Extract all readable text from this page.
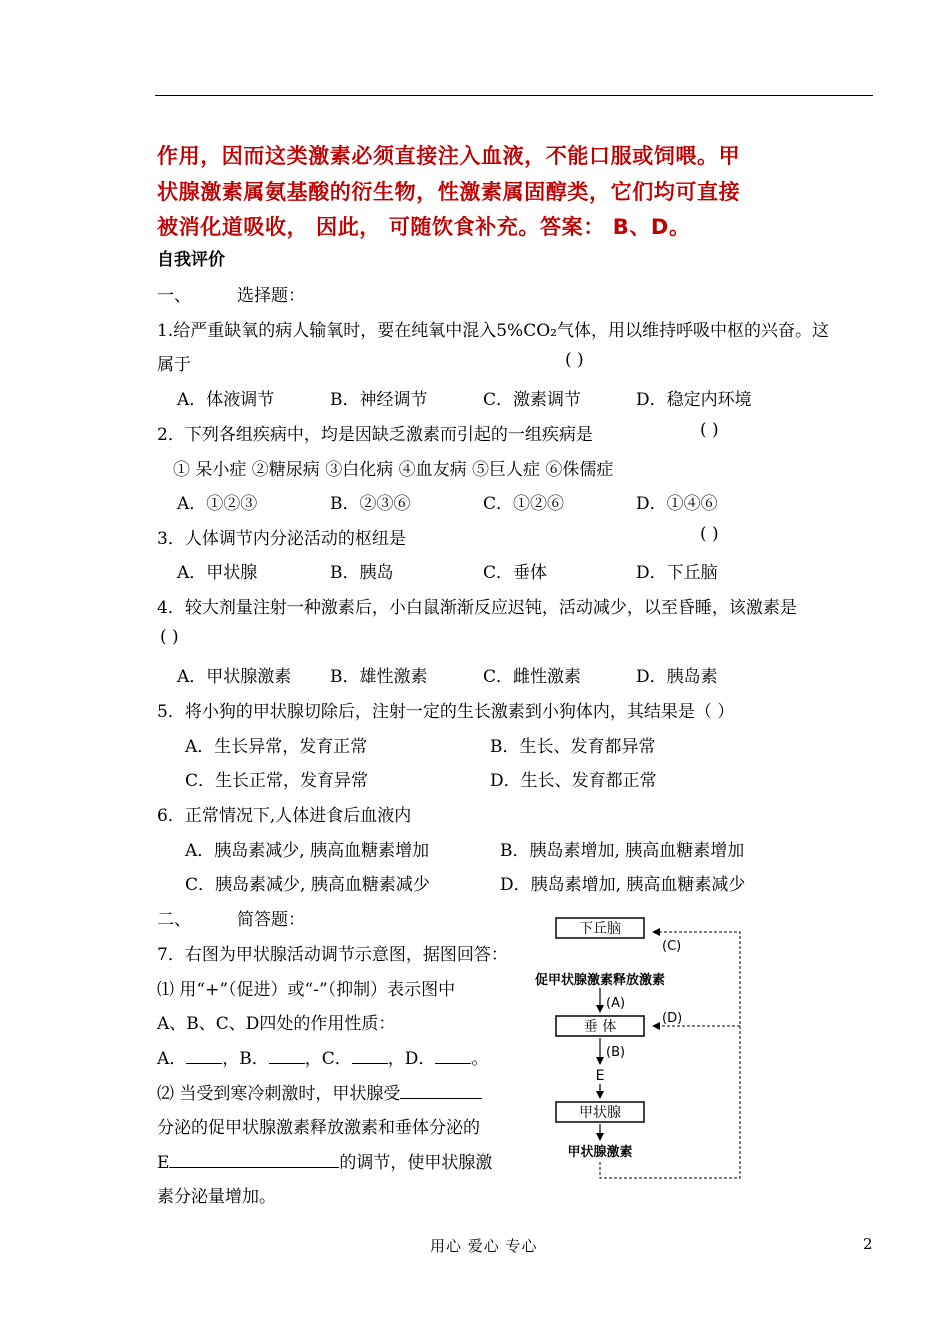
作用，因而这类激素必须直接注入血液，不能口服或饲喂。甲

状腺激素属氨基酸的衍生物，性激素属固醇类，它们均可直接

被消化道吸收， 因此， 可随饮食补充。答案： B、D。

自我评价

一、	选择题：

1.给严重缺氧的病人输氧时，要在纯氧中混入5%CO₂气体，用以维持呼吸中枢的兴奋。这

属于	( )

A．体液调节	B．神经调节	C．激素调节	D．稳定内环境

2．下列各组疾病中，均是因缺乏激素而引起的一组疾病是	( )

① 呆小症 ②糖尿病 ③白化病 ④血友病 ⑤巨人症 ⑥侏儒症

A．①②③	B．②③⑥	C．①②⑥	D．①④⑥

3．人体调节内分泌活动的枢纽是	( )

A．甲状腺	B．胰岛	C．垂体	D．下丘脑

4．较大剂量注射一种激素后，小白鼠渐渐反应迟钝，活动减少，以至昏睡，该激素是

( )

A．甲状腺激素 B．雄性激素	C．雌性激素	D．胰岛素

5．将小狗的甲状腺切除后，注射一定的生长激素到小狗体内，其结果是（ ）

A．生长异常，发育正常	B．生长、发育都异常

C．生长正常，发育异常	D．生长、发育都正常

6．正常情况下,人体进食后血液内

A．胰岛素减少, 胰高血糖素增加	B．胰岛素增加, 胰高血糖素增加

C．胰岛素减少, 胰高血糖素减少	D．胰岛素增加, 胰高血糖素减少

二、	简答题：

7．右图为甲状腺活动调节示意图，据图回答：

⑴ 用“+”（促进）或“-”（抑制）表示图中

A、B、C、D四处的作用性质：

A． ，B． ，C． ，D． 。

⑵ 当受到寒冷刺激时，甲状腺受

分泌的促甲状腺激素释放激素和垂体分泌的

E	的调节，使甲状腺激

素分泌量增加。

下丘脑
促甲状腺激素释放激素
(A)
垂 体
(B)
E
甲状腺
甲状腺激素
(C)
(D)
用心 爱心 专心	2
